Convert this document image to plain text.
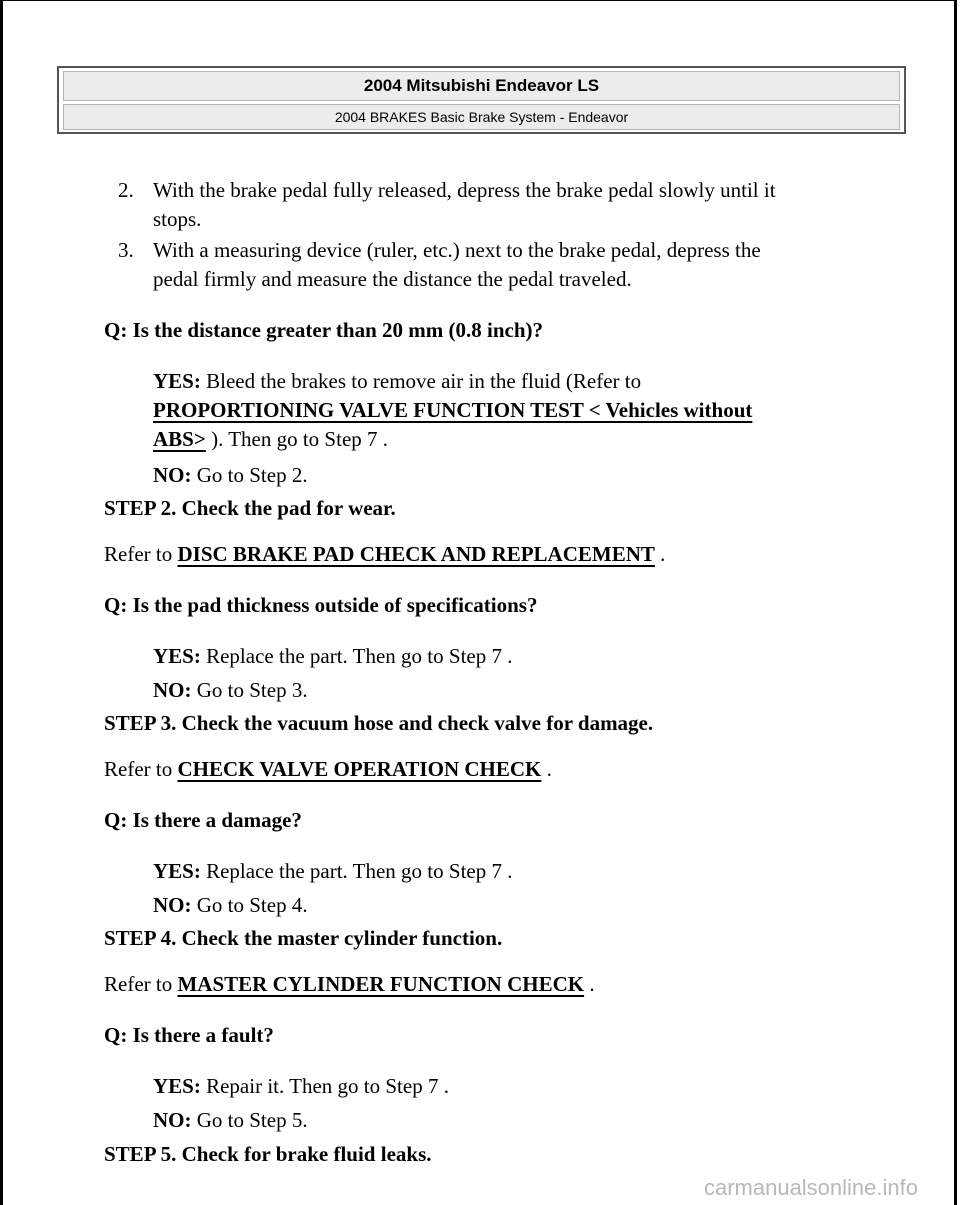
2004 Mitsubishi Endeavor LS
2004 BRAKES Basic Brake System - Endeavor
2. With the brake pedal fully released, depress the brake pedal slowly until it
stops.
3. With a measuring device (ruler, etc.) next to the brake pedal, depress the
pedal firmly and measure the distance the pedal traveled.
Q: Is the distance greater than 20 mm (0.8 inch)?
YES: Bleed the brakes to remove air in the fluid (Refer to
PROPORTIONING VALVE FUNCTION TEST < Vehicles without
ABS> ). Then go to Step 7 .
NO: Go to Step 2.
STEP 2. Check the pad for wear.
Refer to DISC BRAKE PAD CHECK AND REPLACEMENT .
Q: Is the pad thickness outside of specifications?
YES: Replace the part. Then go to Step 7 .
NO: Go to Step 3.
STEP 3. Check the vacuum hose and check valve for damage.
Refer to CHECK VALVE OPERATION CHECK .
Q: Is there a damage?
YES: Replace the part. Then go to Step 7 .
NO: Go to Step 4.
STEP 4. Check the master cylinder function.
Refer to MASTER CYLINDER FUNCTION CHECK .
Q: Is there a fault?
YES: Repair it. Then go to Step 7 .
NO: Go to Step 5.
STEP 5. Check for brake fluid leaks.
carmanualsonline.info
